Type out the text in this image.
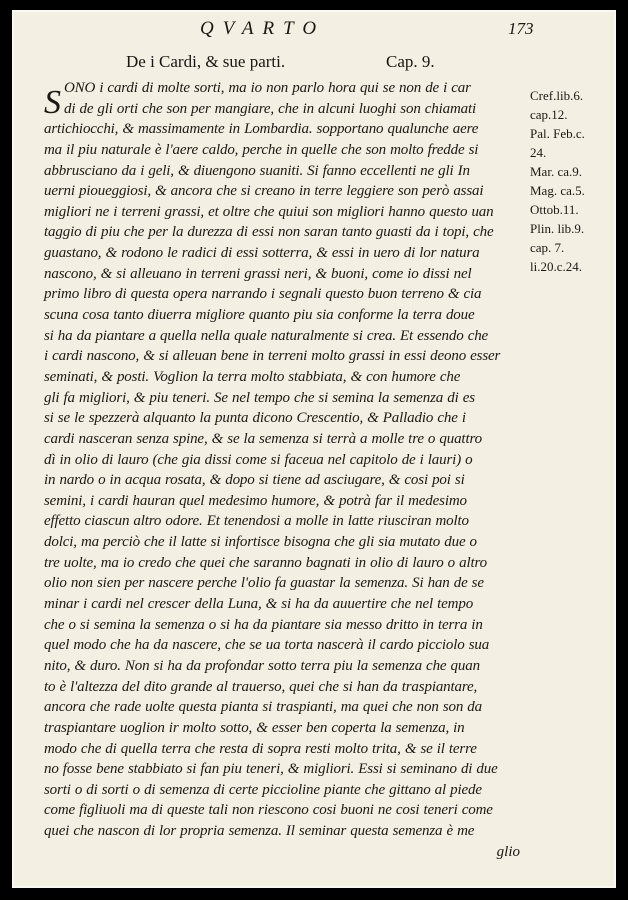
QVARTO	173
De i Cardi, & sue parti.	Cap. 9.
S ONO i cardi di molte sorti, ma io non parlo hora qui se non de i car
di de gli orti che son per mangiare, che in alcuni luoghi son chiamati
artichiocchi, & massimamente in Lombardia. sopportano qualunche aere
ma il piu naturale è l'aere caldo, perche in quelle che son molto fredde si
abbrusciano da i geli, & diuengono suaniti. Si fanno eccellenti ne gli In
uerni pioueggiosi, & ancora che si creano in terre leggiere son però assai
migliori ne i terreni grassi, et oltre che quiui son migliori hanno questo uan
taggio di piu che per la durezza di essi non saran tanto guasti da i topi, che
guastano, & rodono le radici di essi sotterra, & essi in uero di lor natura
nascono, & si alleuano in terreni grassi neri, & buoni, come io dissi nel
primo libro di questa opera narrando i segnali questo buon terreno & cia
scuna cosa tanto diuerra migliore quanto piu sia conforme la terra doue
si ha da piantare a quella nella quale naturalmente si crea. Et essendo che
i cardi nascono, & si alleuan bene in terreni molto grassi in essi deono esser
seminati, & posti. Voglion la terra molto stabbiata, & con humore che
gli fa migliori, & piu teneri. Se nel tempo che si semina la semenza di es
si se le spezzerà alquanto la punta dicono Crescentio, & Palladio che i
cardi nasceran senza spine, & se la semenza si terrà a molle tre o quattro
dì in olio di lauro (che gia dissi come si faceua nel capitolo de i lauri) o
in nardo o in acqua rosata, & dopo si tiene ad asciugare, & cosi poi si
semini, i cardi hauran quel medesimo humore, & potrà far il medesimo
effetto ciascun altro odore. Et tenendosi a molle in latte riusciran molto
dolci, ma perciò che il latte si infortisce bisogna che gli sia mutato due o
tre uolte, ma io credo che quei che saranno bagnati in olio di lauro o altro
olio non sien per nascere perche l'olio fa guastar la semenza. Si han de se
minar i cardi nel crescer della Luna, & si ha da auuertire che nel tempo
che o si semina la semenza o si ha da piantare sia messo dritto in terra in
quel modo che ha da nascere, che se ua torta nascerà il cardo picciolo sua
nito, & duro. Non si ha da profondar sotto terra piu la semenza che quan
to è l'altezza del dito grande al trauerso, quei che si han da traspiantare,
ancora che rade uolte questa pianta si traspianti, ma quei che non son da
traspiantare uoglion ir molto sotto, & esser ben coperta la semenza, in
modo che di quella terra che resta di sopra resti molto trita, & se il terre
no fosse bene stabbiato si fan piu teneri, & migliori. Essi si seminano di due
sorti o di sorti o di semenza di certe piccioline piante che gittano al piede
come figliuoli ma di queste tali non riescono cosi buoni ne cosi teneri come
quei che nascon di lor propria semenza. Il seminar questa semenza è me
glio
Cref.lib.6.
cap.12.
Pal. Feb.c.
24.
Mar. ca.9.
Mag. ca.5.
Ottob.11.
Plin. lib.9.
cap. 7.
li.20.c.24.
